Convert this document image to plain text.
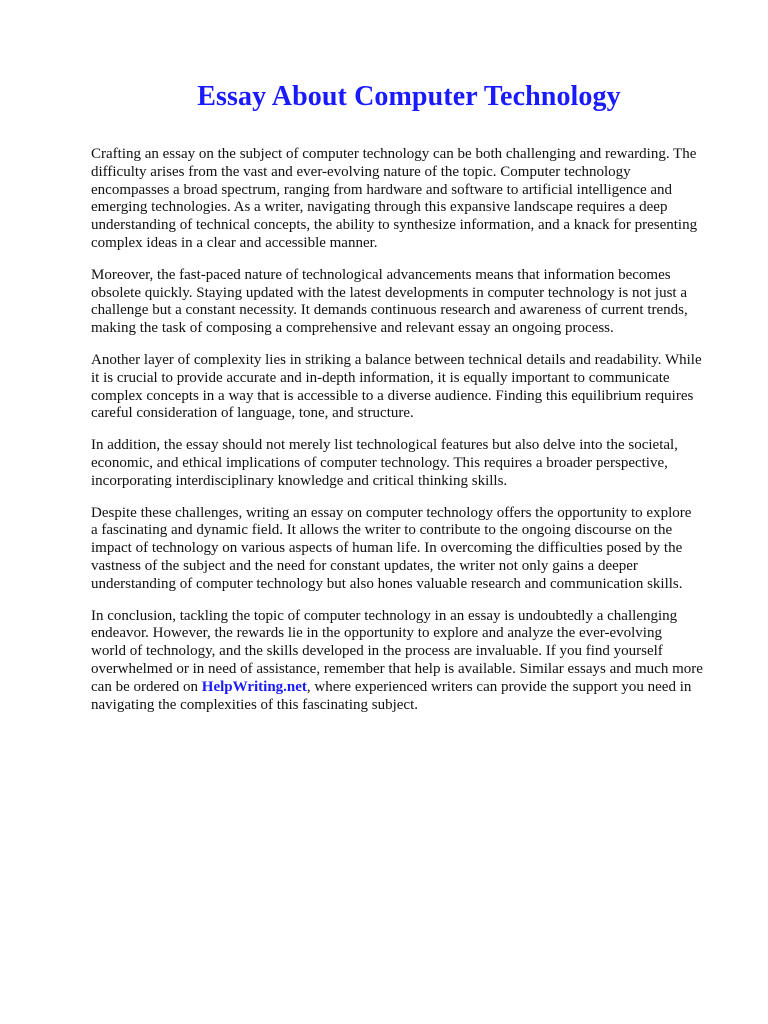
Essay About Computer Technology

Crafting an essay on the subject of computer technology can be both challenging and rewarding. The
difficulty arises from the vast and ever-evolving nature of the topic. Computer technology
encompasses a broad spectrum, ranging from hardware and software to artificial intelligence and
emerging technologies. As a writer, navigating through this expansive landscape requires a deep
understanding of technical concepts, the ability to synthesize information, and a knack for presenting
complex ideas in a clear and accessible manner.

Moreover, the fast-paced nature of technological advancements means that information becomes
obsolete quickly. Staying updated with the latest developments in computer technology is not just a
challenge but a constant necessity. It demands continuous research and awareness of current trends,
making the task of composing a comprehensive and relevant essay an ongoing process.

Another layer of complexity lies in striking a balance between technical details and readability. While
it is crucial to provide accurate and in-depth information, it is equally important to communicate
complex concepts in a way that is accessible to a diverse audience. Finding this equilibrium requires
careful consideration of language, tone, and structure.

In addition, the essay should not merely list technological features but also delve into the societal,
economic, and ethical implications of computer technology. This requires a broader perspective,
incorporating interdisciplinary knowledge and critical thinking skills.

Despite these challenges, writing an essay on computer technology offers the opportunity to explore
a fascinating and dynamic field. It allows the writer to contribute to the ongoing discourse on the
impact of technology on various aspects of human life. In overcoming the difficulties posed by the
vastness of the subject and the need for constant updates, the writer not only gains a deeper
understanding of computer technology but also hones valuable research and communication skills.

In conclusion, tackling the topic of computer technology in an essay is undoubtedly a challenging
endeavor. However, the rewards lie in the opportunity to explore and analyze the ever-evolving
world of technology, and the skills developed in the process are invaluable. If you find yourself
overwhelmed or in need of assistance, remember that help is available. Similar essays and much more
can be ordered on HelpWriting.net, where experienced writers can provide the support you need in
navigating the complexities of this fascinating subject.
